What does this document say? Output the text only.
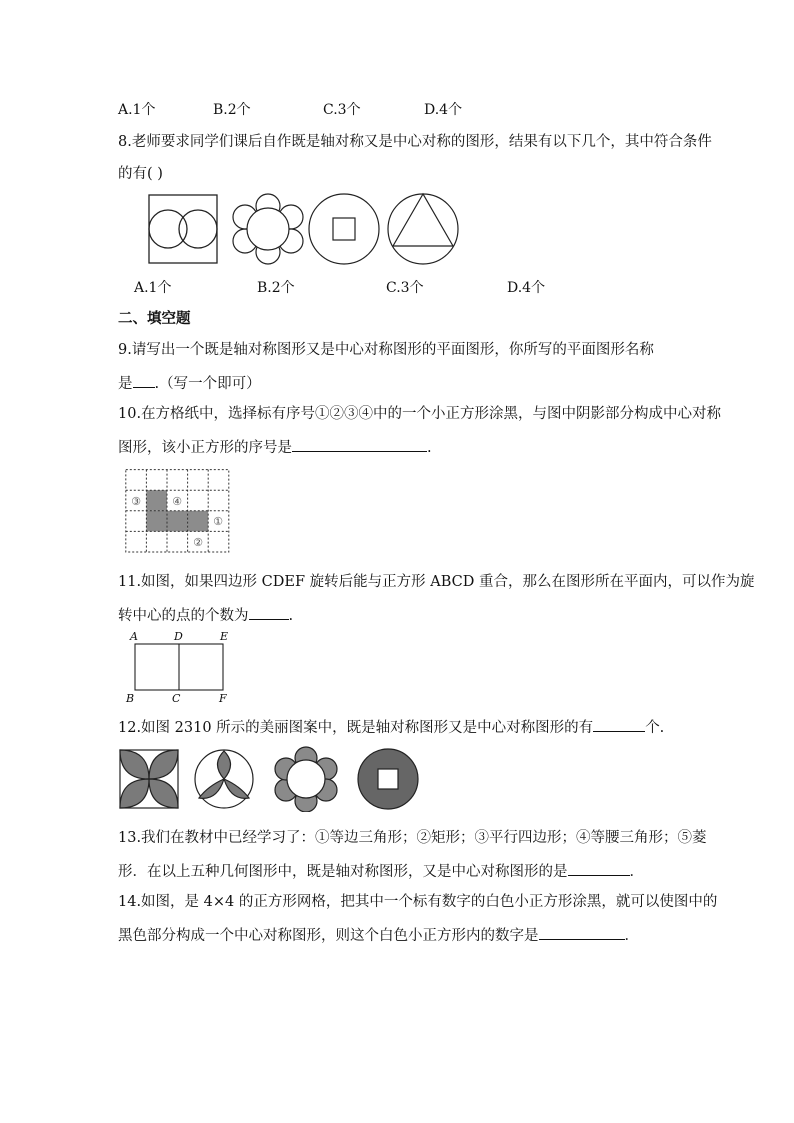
A.1个	B.2个	C.3个	D.4个
8.老师要求同学们课后自作既是轴对称又是中心对称的图形，结果有以下几个，其中符合条件
的有( )
A.1个	B.2个	C.3个	D.4个
二、填空题
9.请写出一个既是轴对称图形又是中心对称图形的平面图形，你所写的平面图形名称
是 .（写一个即可）
10.在方格纸中，选择标有序号①②③④中的一个小正方形涂黑，与图中阴影部分构成中心对称
图形，该小正方形的序号是	.
③	④
①
②
11.如图，如果四边形 CDEF 旋转后能与正方形 ABCD 重合，那么在图形所在平面内，可以作为旋
转中心的点的个数为	.
A	D	E
B	C	F
12.如图 2310 所示的美丽图案中，既是轴对称图形又是中心对称图形的有	个.
13.我们在教材中已经学习了：①等边三角形；②矩形；③平行四边形；④等腰三角形；⑤菱
形．在以上五种几何图形中，既是轴对称图形，又是中心对称图形的是	．
14.如图，是 4×4 的正方形网格，把其中一个标有数字的白色小正方形涂黑，就可以使图中的
黑色部分构成一个中心对称图形，则这个白色小正方形内的数字是	．
